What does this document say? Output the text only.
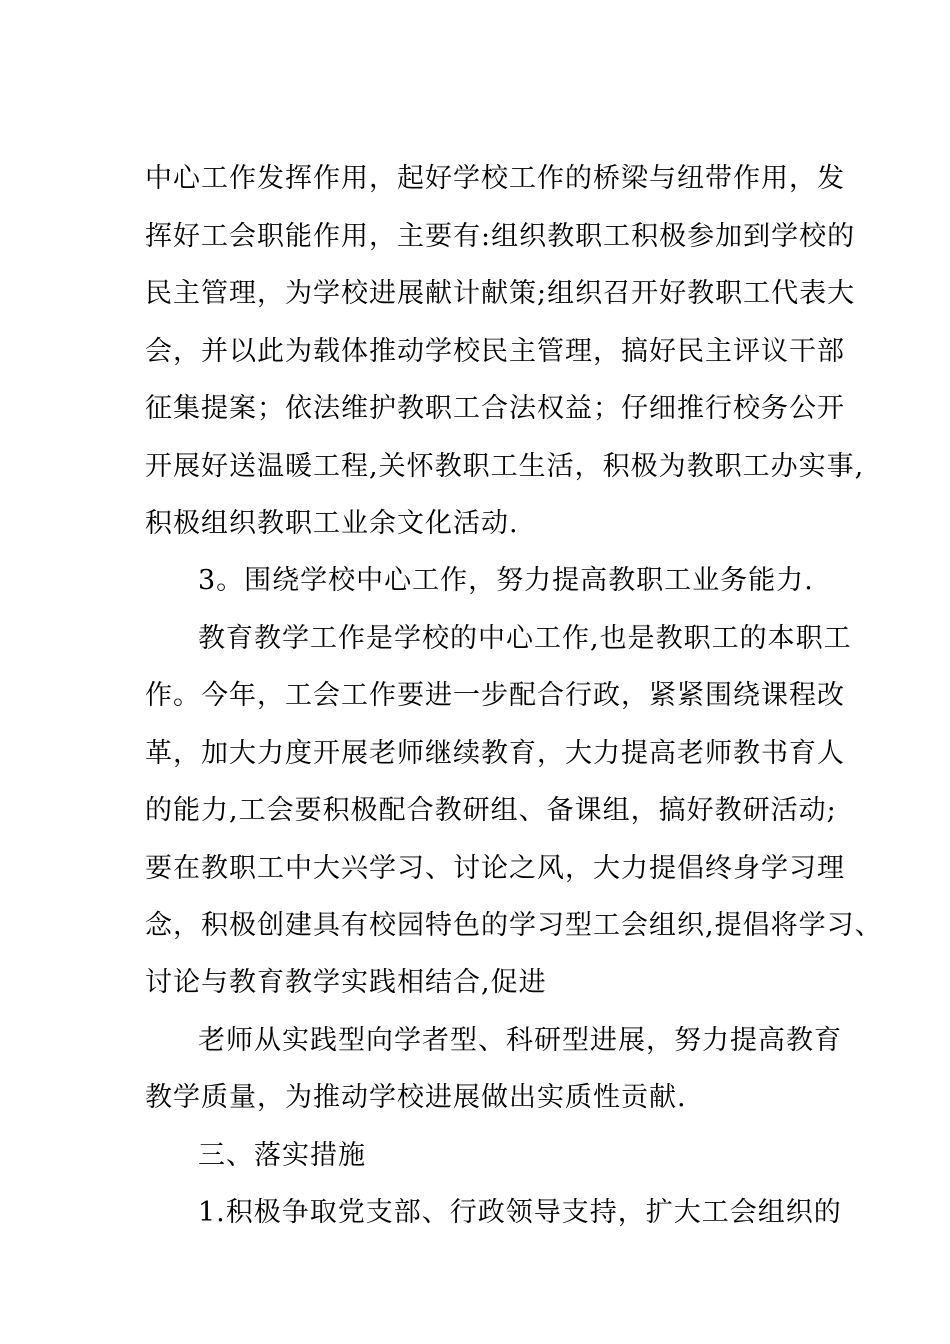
中心工作发挥作用，起好学校工作的桥梁与纽带作用，发

挥好工会职能作用，主要有:组织教职工积极参加到学校的

民主管理，为学校进展献计献策;组织召开好教职工代表大

会，并以此为载体推动学校民主管理，搞好民主评议干部

征集提案；依法维护教职工合法权益；仔细推行校务公开

开展好送温暖工程,关怀教职工生活，积极为教职工办实事,

积极组织教职工业余文化活动.

3。围绕学校中心工作，努力提高教职工业务能力.

教育教学工作是学校的中心工作,也是教职工的本职工

作。今年，工会工作要进一步配合行政，紧紧围绕课程改

革，加大力度开展老师继续教育，大力提高老师教书育人

的能力,工会要积极配合教研组、备课组，搞好教研活动;

要在教职工中大兴学习、讨论之风，大力提倡终身学习理

念，积极创建具有校园特色的学习型工会组织,提倡将学习、

讨论与教育教学实践相结合,促进

老师从实践型向学者型、科研型进展，努力提高教育

教学质量，为推动学校进展做出实质性贡献.

三、落实措施

1.积极争取党支部、行政领导支持，扩大工会组织的
